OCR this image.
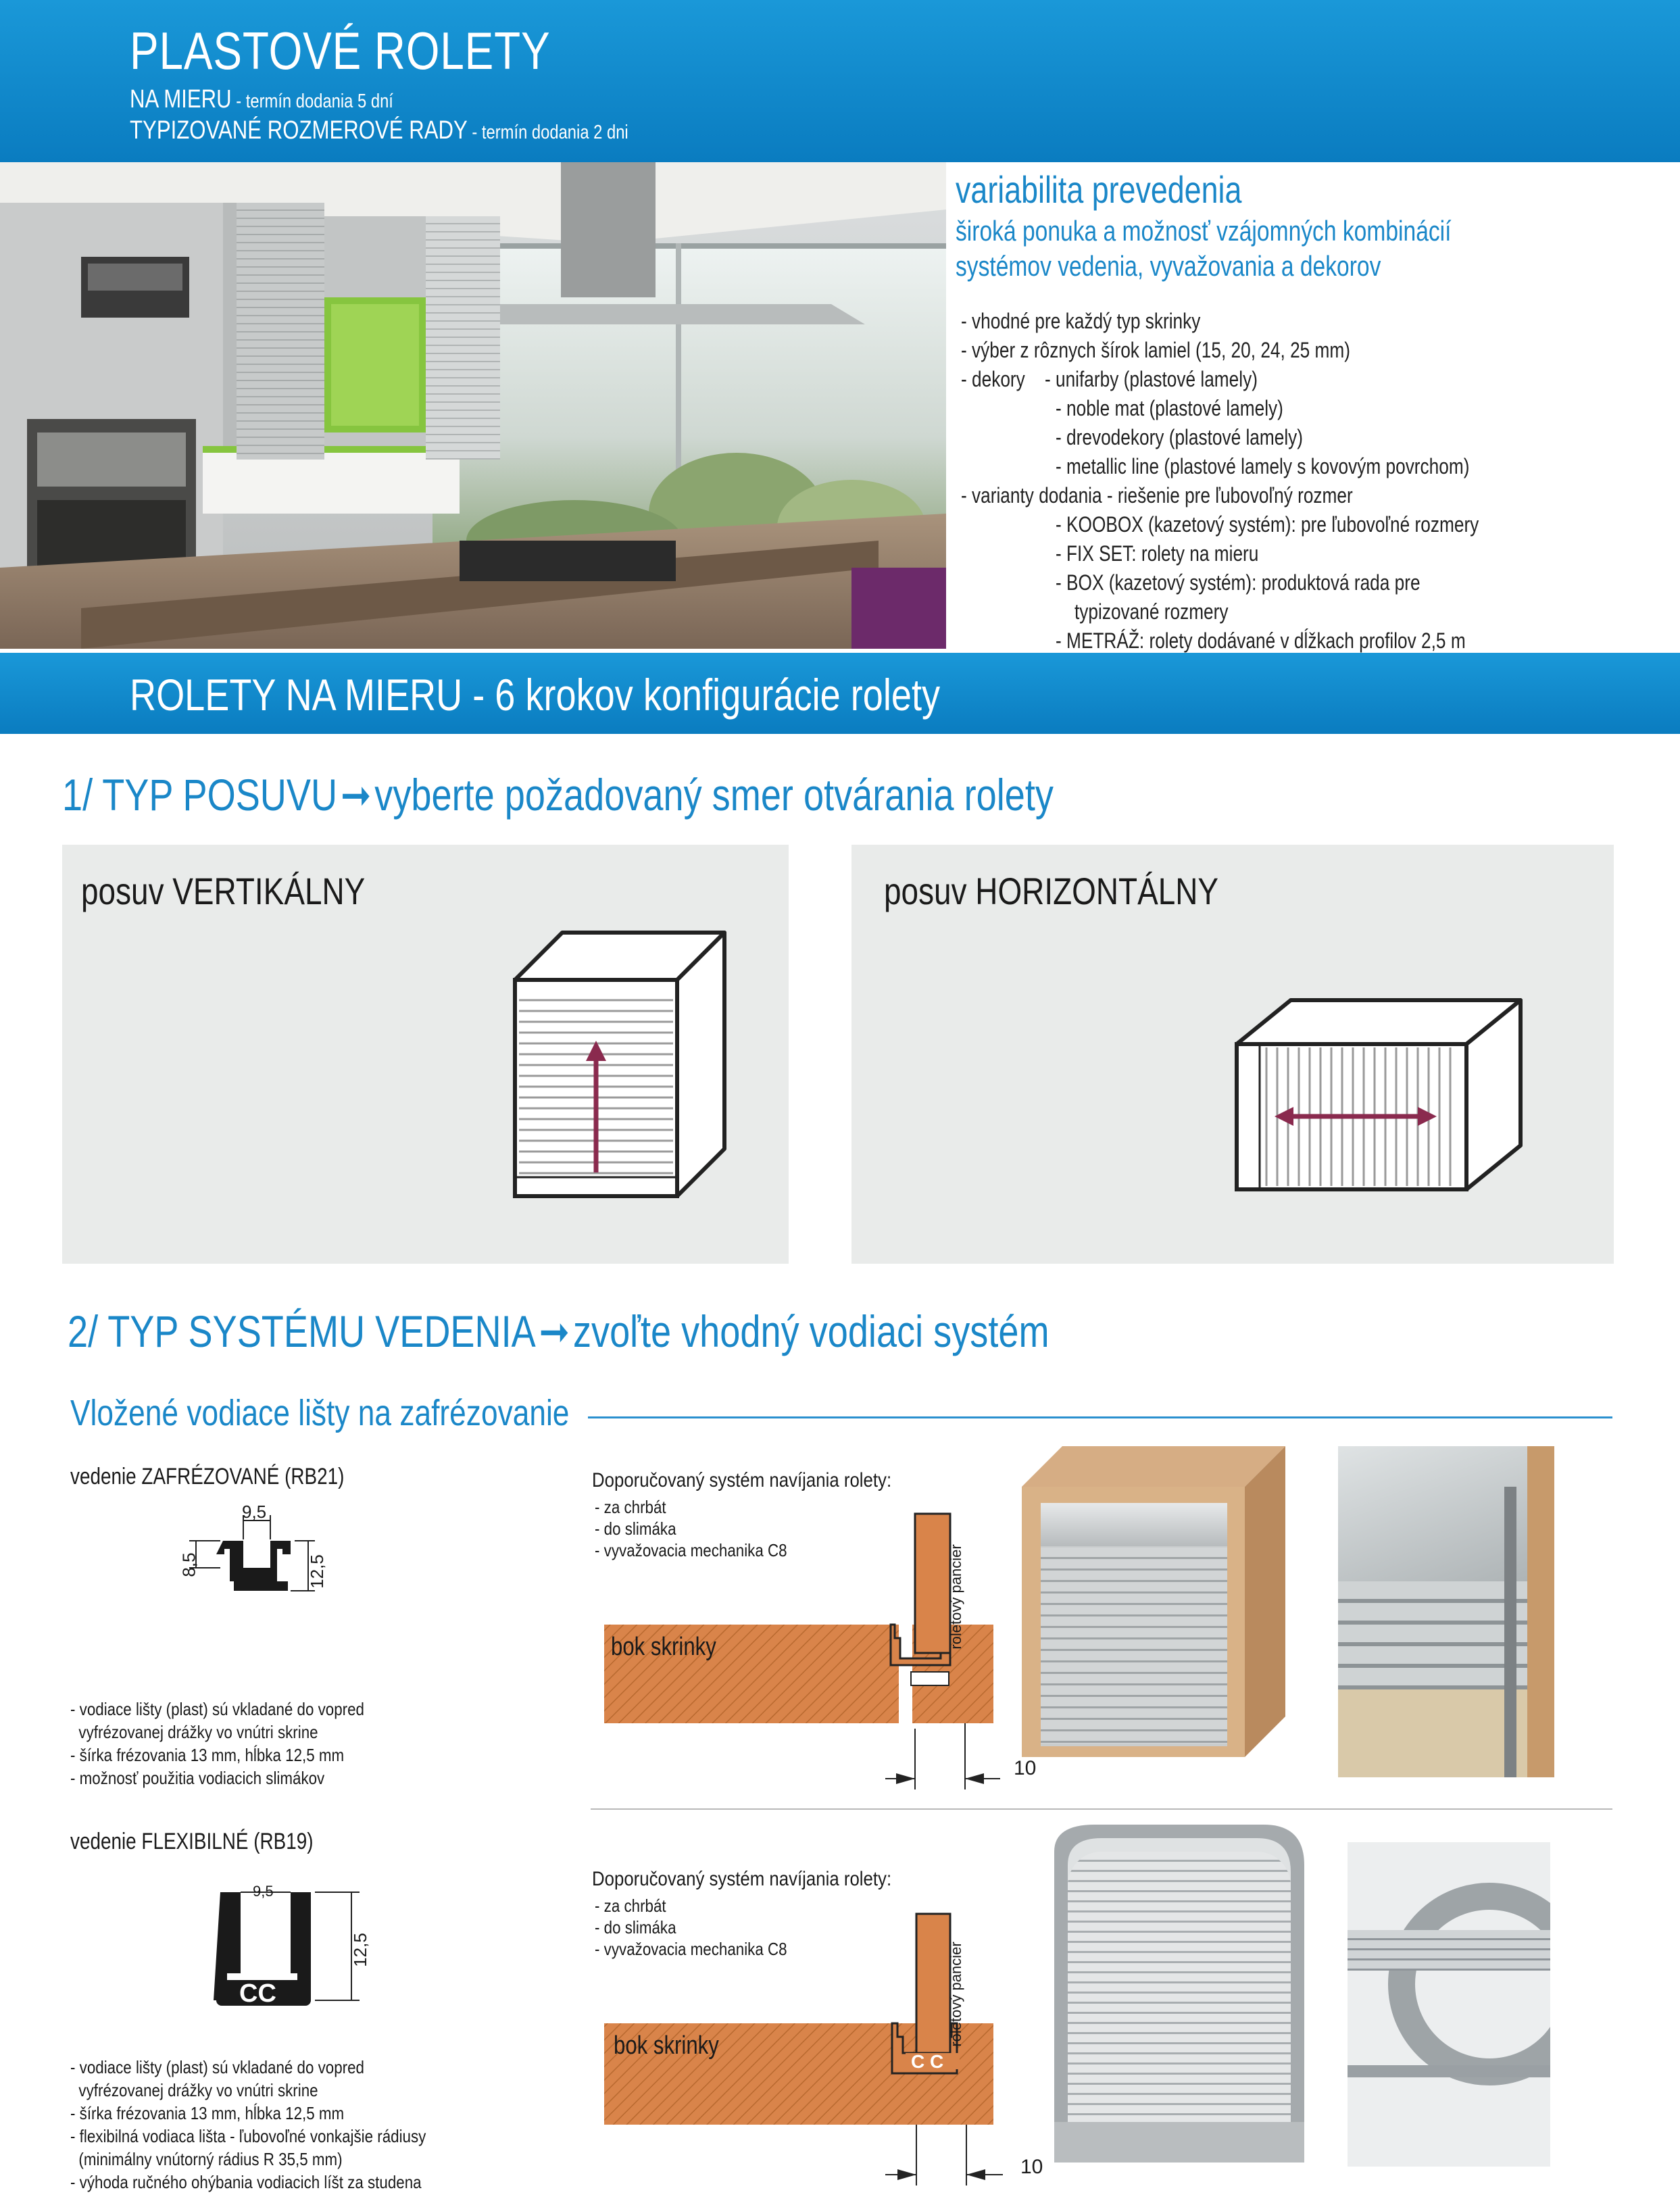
PLASTOVÉ ROLETY
NA MIERU - termín dodania 5 dní
TYPIZOVANÉ ROZMEROVÉ RADY - termín dodania 2 dni
variabilita prevedenia
široká ponuka a možnosť vzájomných kombinácií
systémov vedenia, vyvažovania a dekorov
- vhodné pre každý typ skrinky
- výber z rôznych šírok lamiel (15, 20, 24, 25 mm)
- dekory    - unifarby (plastové lamely)
- noble mat (plastové lamely)
- drevodekory (plastové lamely)
- metallic line (plastové lamely s kovovým povrchom)
- varianty dodania - riešenie pre ľubovoľný rozmer
- KOOBOX (kazetový systém): pre ľubovoľné rozmery
- FIX SET: rolety na mieru
- BOX (kazetový systém): produktová rada pre
typizované rozmery
- METRÁŽ: rolety dodávané v dĺžkach profilov 2,5 m
ROLETY NA MIERU - 6 krokov konfigurácie rolety
1/ TYP POSUVU➞vyberte požadovaný smer otvárania rolety
posuv VERTIKÁLNY	posuv HORIZONTÁLNY
2/ TYP SYSTÉMU VEDENIA➞zvoľte vhodný vodiaci systém
Vložené vodiace lišty na zafrézovanie
vedenie ZAFRÉZOVANÉ (RB21)
9,5
8,5	12,5
- vodiace lišty (plast) sú vkladané do vopred
vyfrézovanej drážky vo vnútri skrine
- šírka frézovania 13 mm, hĺbka 12,5 mm
- možnosť použitia vodiacich slimákov
Doporučovaný systém navíjania rolety:
- za chrbát
- do slimáka
- vyvažovacia mechanika C8
bok skrinky	roletový pancier
10
vedenie FLEXIBILNÉ (RB19)
CC
9,5
12,5
- vodiace lišty (plast) sú vkladané do vopred
vyfrézovanej drážky vo vnútri skrine
- šírka frézovania 13 mm, hĺbka 12,5 mm
- flexibilná vodiaca lišta - ľubovoľné vonkajšie rádiusy
(minimálny vnútorný rádius R 35,5 mm)
- výhoda ručného ohýbania vodiacich líšt za studena
Doporučovaný systém navíjania rolety:
- za chrbát
- do slimáka
- vyvažovacia mechanika C8
C C
bok skrinky	roletový pancier
10
